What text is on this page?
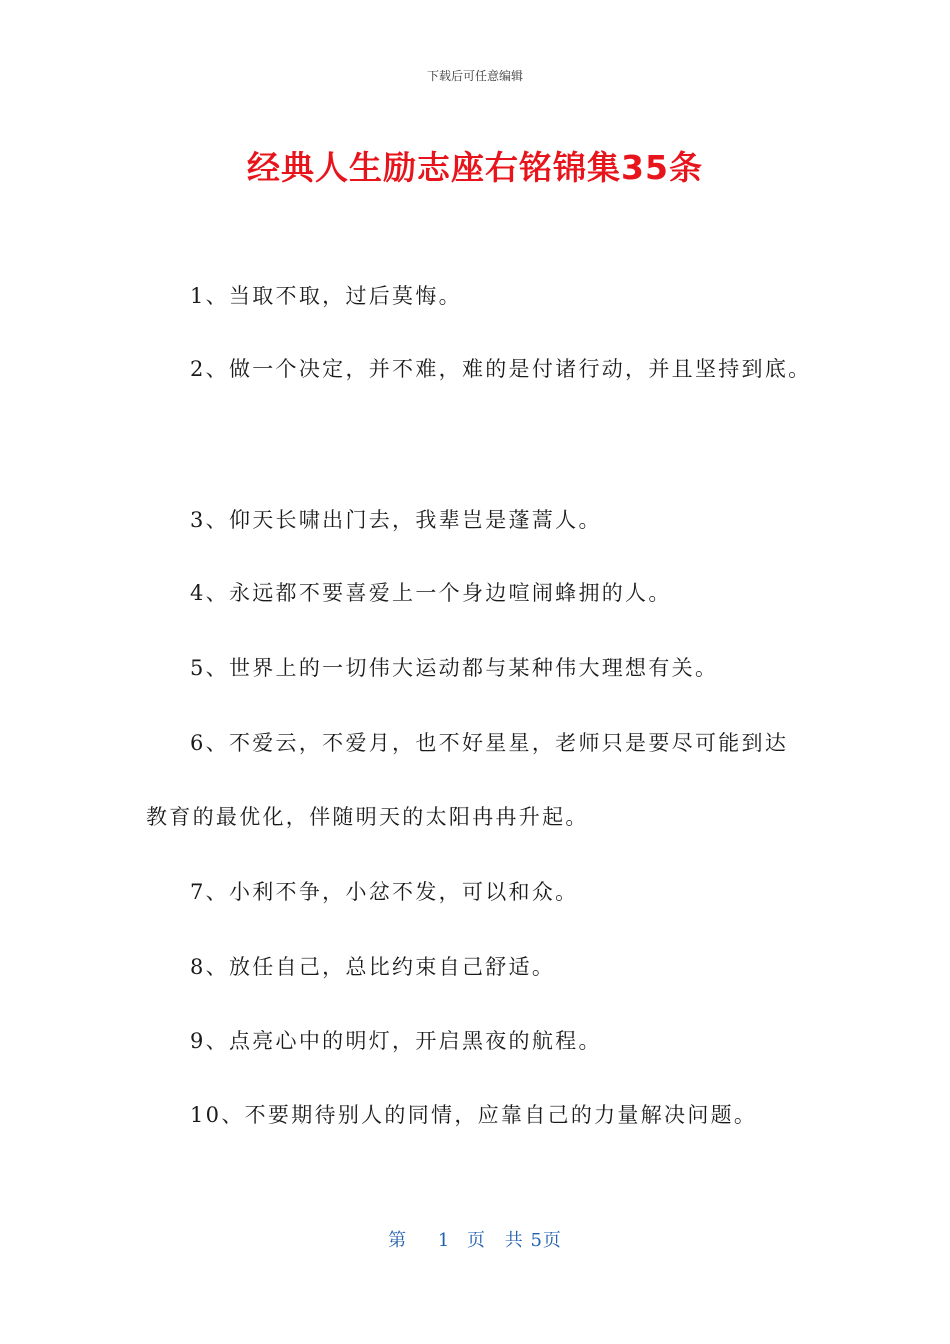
下载后可任意编辑
经典人生励志座右铭锦集35条
1、当取不取，过后莫悔。
2、做一个决定，并不难，难的是付诸行动，并且坚持到底。
3、仰天长啸出门去，我辈岂是蓬蒿人。
4、永远都不要喜爱上一个身边喧闹蜂拥的人。
5、世界上的一切伟大运动都与某种伟大理想有关。
6、不爱云，不爱月，也不好星星，老师只是要尽可能到达
教育的最优化，伴随明天的太阳冉冉升起。
7、小利不争，小忿不发，可以和众。
8、放任自己，总比约束自己舒适。
9、点亮心中的明灯，开启黑夜的航程。
10、不要期待别人的同情，应靠自己的力量解决问题。
第 1 页 共 5页
